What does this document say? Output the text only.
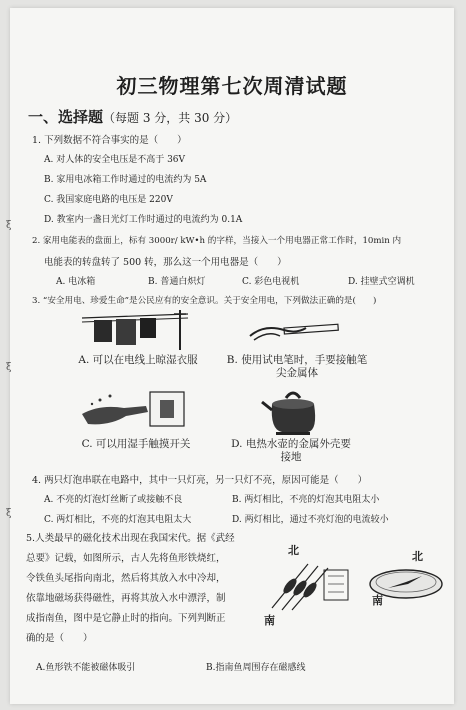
初三物理第七次周清试题
一、选择题（每题 3 分，共 30 分）
1. 下列数据不符合事实的是（　　）
A. 对人体的安全电压是不高于 36V
B. 家用电冰箱工作时通过的电流约为 5A
C. 我国家庭电路的电压是 220V
D. 教室内一盏日光灯工作时通过的电流约为 0.1A
2. 家用电能表的盘面上，标有 3000r/ kW•h 的字样，当接入一个用电器正常工作时，10min 内
电能表的转盘转了 500 转，那么这一个用电器是（　　）
A. 电冰箱	B. 普通白炽灯	C. 彩色电视机	D. 挂壁式空调机
3. “安全用电、珍爱生命”是公民应有的安全意识。关于安全用电，下列做法正确的是(　　)
A. 可以在电线上晾湿衣服	B. 使用试电笔时，手要接触笔尖金属体
C. 可以用湿手触摸开关	D. 电热水壶的金属外壳要接地
4. 两只灯泡串联在电路中，其中一只灯亮，另一只灯不亮，原因可能是（　　）
A. 不亮的灯泡灯丝断了或接触不良	B. 两灯相比，不亮的灯泡其电阻太小
C. 两灯相比，不亮的灯泡其电阻太大	D. 两灯相比，通过不亮灯泡的电流较小
5.人类最早的磁化技术出现在我国宋代。据《武经
总要》记载，如图所示，古人先将鱼形铁烧红，
令铁鱼头尾指向南北，然后将其放入水中冷却，
依靠地磁场获得磁性，再将其放入水中漂浮，制
成指南鱼，图中是它静止时的指向。下列判断正
确的是（　　）
A.鱼形铁不能被磁体吸引	B.指南鱼周围存在磁感线
北
南
北
南
ξ
ξ
ξ
